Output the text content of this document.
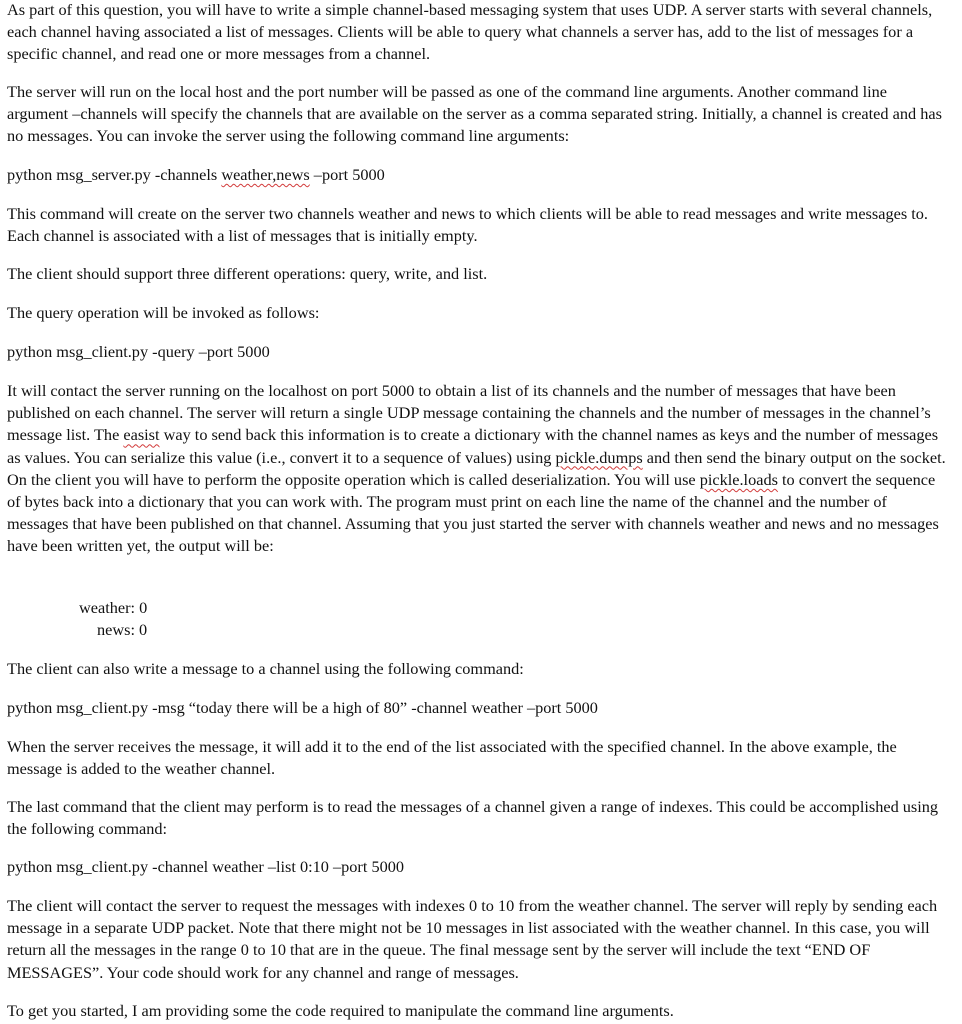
As part of this question, you will have to write a simple channel-based messaging system that uses UDP. A server starts with several channels, each channel having associated a list of messages. Clients will be able to query what channels a server has, add to the list of messages for a specific channel, and read one or more messages from a channel.

The server will run on the local host and the port number will be passed as one of the command line arguments. Another command line argument –channels will specify the channels that are available on the server as a comma separated string. Initially, a channel is created and has no messages. You can invoke the server using the following command line arguments:

python msg_server.py -channels weather,news –port 5000

This command will create on the server two channels weather and news to which clients will be able to read messages and write messages to. Each channel is associated with a list of messages that is initially empty.

The client should support three different operations: query, write, and list.

The query operation will be invoked as follows:

python msg_client.py -query –port 5000

It will contact the server running on the localhost on port 5000 to obtain a list of its channels and the number of messages that have been published on each channel. The server will return a single UDP message containing the channels and the number of messages in the channel’s message list. The easist way to send back this information is to create a dictionary with the channel names as keys and the number of messages as values. You can serialize this value (i.e., convert it to a sequence of values) using pickle.dumps and then send the binary output on the socket. On the client you will have to perform the opposite operation which is called deserialization. You will use pickle.loads to convert the sequence of bytes back into a dictionary that you can work with. The program must print on each line the name of the channel and the number of messages that have been published on that channel. Assuming that you just started the server with channels weather and news and no messages have been written yet, the output will be:

weather: 0

news: 0

The client can also write a message to a channel using the following command:

python msg_client.py -msg “today there will be a high of 80” -channel weather –port 5000

When the server receives the message, it will add it to the end of the list associated with the specified channel. In the above example, the message is added to the weather channel.

The last command that the client may perform is to read the messages of a channel given a range of indexes. This could be accomplished using the following command:

python msg_client.py -channel weather –list 0:10 –port 5000

The client will contact the server to request the messages with indexes 0 to 10 from the weather channel. The server will reply by sending each message in a separate UDP packet. Note that there might not be 10 messages in list associated with the weather channel. In this case, you will return all the messages in the range 0 to 10 that are in the queue. The final message sent by the server will include the text “END OF MESSAGES”. Your code should work for any channel and range of messages.

To get you started, I am providing some the code required to manipulate the command line arguments.
